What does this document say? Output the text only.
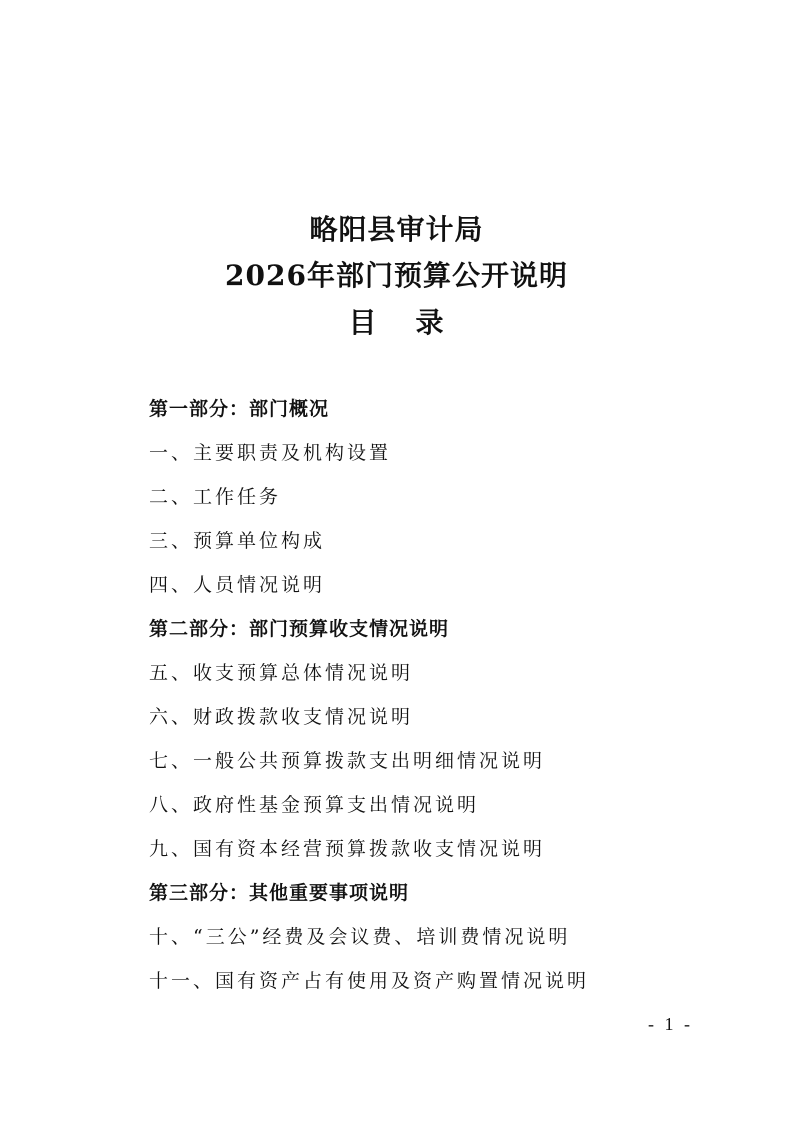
略阳县审计局
2026年部门预算公开说明
目 录
第一部分：部门概况
一、主要职责及机构设置
二、工作任务
三、预算单位构成
四、人员情况说明
第二部分：部门预算收支情况说明
五、收支预算总体情况说明
六、财政拨款收支情况说明
七、一般公共预算拨款支出明细情况说明
八、政府性基金预算支出情况说明
九、国有资本经营预算拨款收支情况说明
第三部分：其他重要事项说明
十、“三公”经费及会议费、培训费情况说明
十一、国有资产占有使用及资产购置情况说明
- 1 -
